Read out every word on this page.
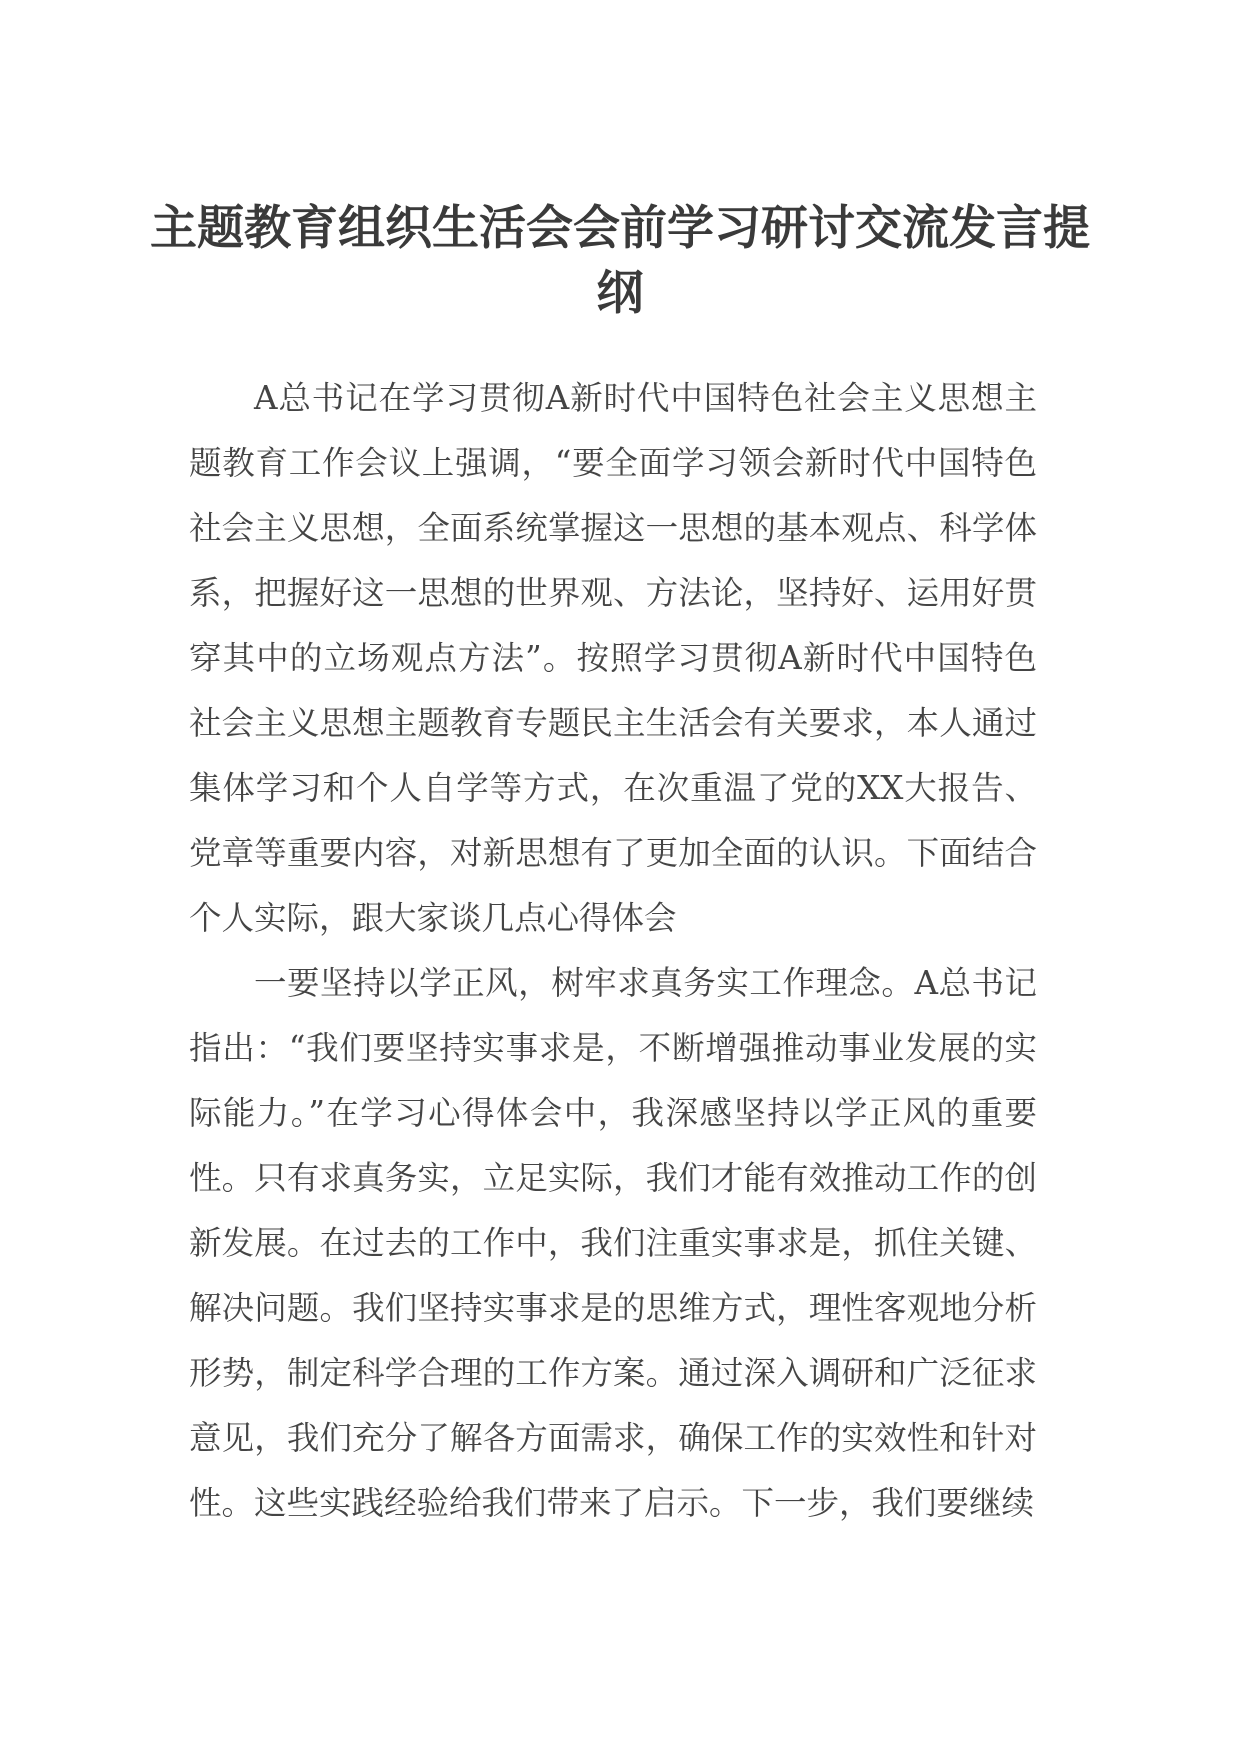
主题教育组织生活会会前学习研讨交流发言提纲

A总书记在学习贯彻A新时代中国特色社会主义思想主题教育工作会议上强调，“要全面学习领会新时代中国特色社会主义思想，全面系统掌握这一思想的基本观点、科学体系，把握好这一思想的世界观、方法论，坚持好、运用好贯穿其中的立场观点方法”。按照学习贯彻A新时代中国特色社会主义思想主题教育专题民主生活会有关要求，本人通过集体学习和个人自学等方式，在次重温了党的XX大报告、党章等重要内容，对新思想有了更加全面的认识。下面结合个人实际，跟大家谈几点心得体会

一要坚持以学正风，树牢求真务实工作理念。A总书记指出：“我们要坚持实事求是，不断增强推动事业发展的实际能力。”在学习心得体会中，我深感坚持以学正风的重要性。只有求真务实，立足实际，我们才能有效推动工作的创新发展。在过去的工作中，我们注重实事求是，抓住关键、解决问题。我们坚持实事求是的思维方式，理性客观地分析形势，制定科学合理的工作方案。通过深入调研和广泛征求意见，我们充分了解各方面需求，确保工作的实效性和针对性。这些实践经验给我们带来了启示。下一步，我们要继续
